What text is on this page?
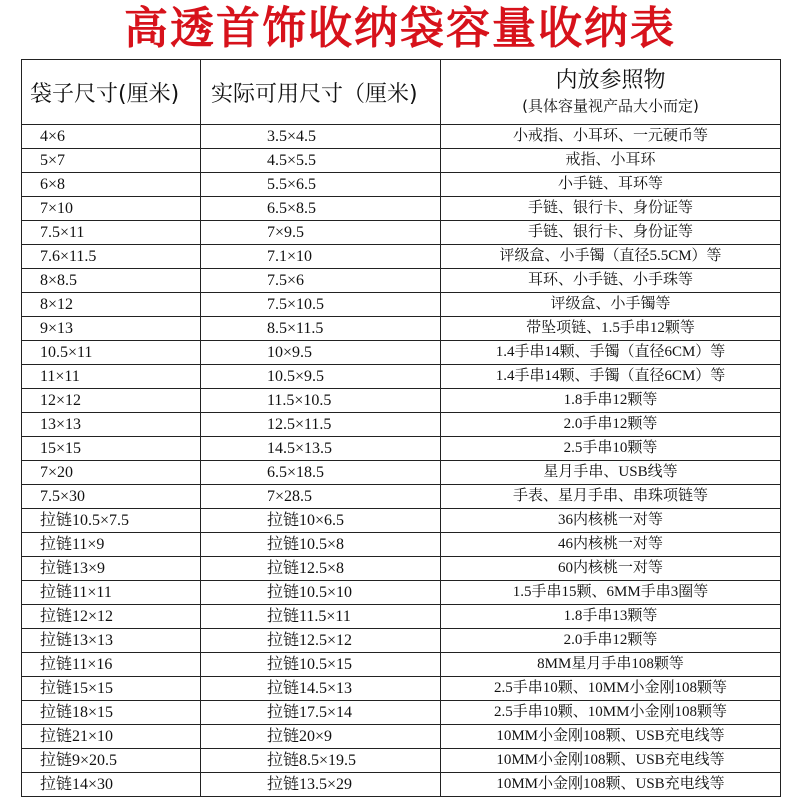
高透首饰收纳袋容量收纳表
袋子尺寸(厘米)	实际可用尺寸（厘米)	内放参照物
(具体容量视产品大小而定)

4×6	3.5×4.5	小戒指、小耳环、一元硬币等
5×7	4.5×5.5	戒指、小耳环
6×8	5.5×6.5	小手链、耳环等
7×10	6.5×8.5	手链、银行卡、身份证等
7.5×11	7×9.5	手链、银行卡、身份证等
7.6×11.5	7.1×10	评级盒、小手镯（直径5.5CM）等
8×8.5	7.5×6	耳环、小手链、小手珠等
8×12	7.5×10.5	评级盒、小手镯等
9×13	8.5×11.5	带坠项链、1.5手串12颗等
10.5×11	10×9.5	1.4手串14颗、手镯（直径6CM）等
11×11	10.5×9.5	1.4手串14颗、手镯（直径6CM）等
12×12	11.5×10.5	1.8手串12颗等
13×13	12.5×11.5	2.0手串12颗等
15×15	14.5×13.5	2.5手串10颗等
7×20	6.5×18.5	星月手串、USB线等
7.5×30	7×28.5	手表、星月手串、串珠项链等
拉链10.5×7.5	拉链10×6.5	36内核桃一对等
拉链11×9	拉链10.5×8	46内核桃一对等
拉链13×9	拉链12.5×8	60内核桃一对等
拉链11×11	拉链10.5×10	1.5手串15颗、6MM手串3圈等
拉链12×12	拉链11.5×11	1.8手串13颗等
拉链13×13	拉链12.5×12	2.0手串12颗等
拉链11×16	拉链10.5×15	8MM星月手串108颗等
拉链15×15	拉链14.5×13	2.5手串10颗、10MM小金刚108颗等
拉链18×15	拉链17.5×14	2.5手串10颗、10MM小金刚108颗等
拉链21×10	拉链20×9	10MM小金刚108颗、USB充电线等
拉链9×20.5	拉链8.5×19.5	10MM小金刚108颗、USB充电线等
拉链14×30	拉链13.5×29	10MM小金刚108颗、USB充电线等
